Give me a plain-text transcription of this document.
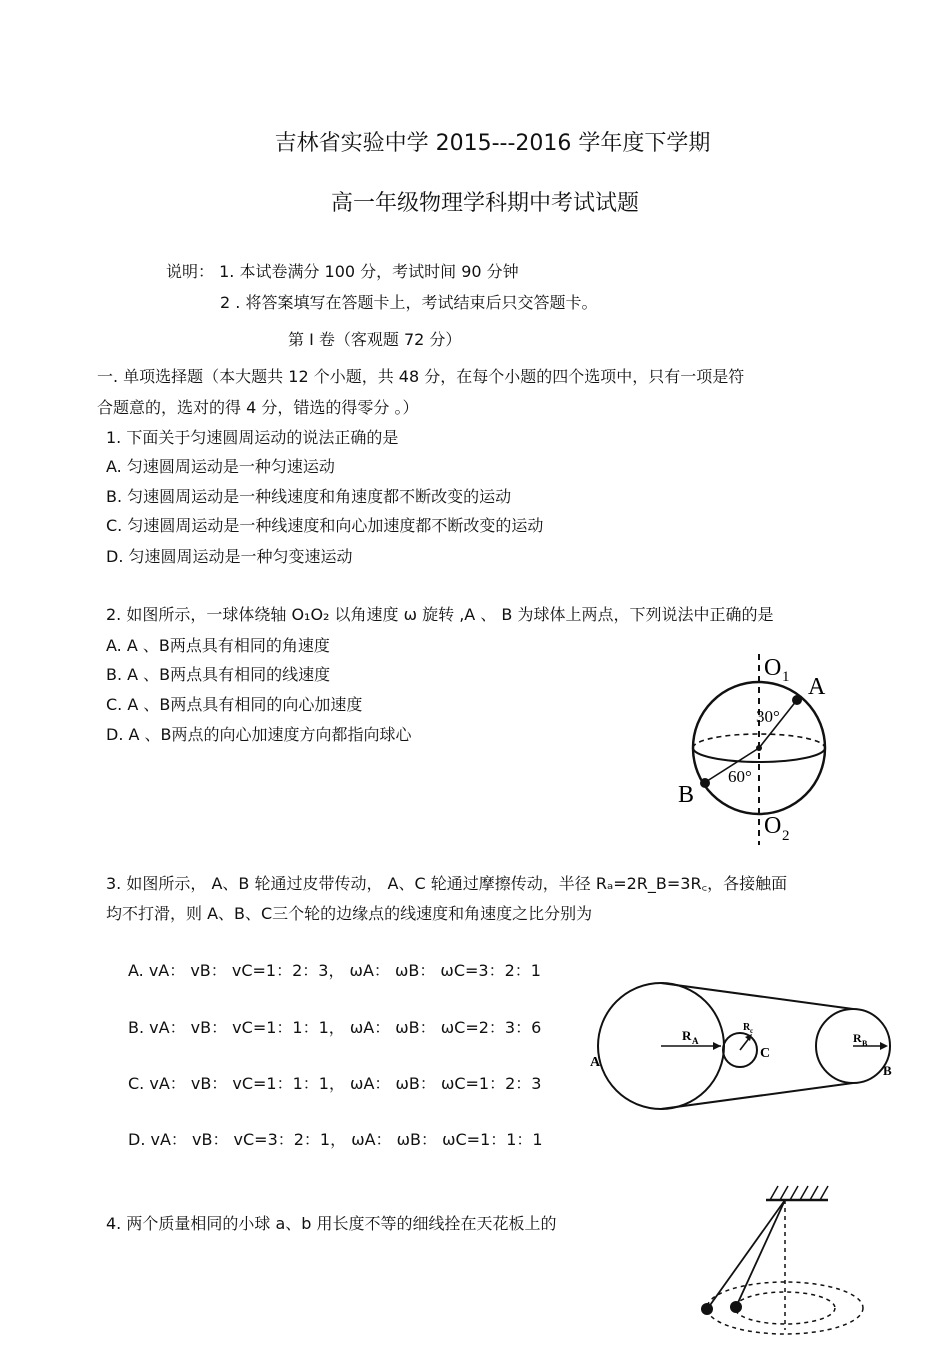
吉林省实验中学 2015---2016 学年度下学期
高一年级物理学科期中考试试题
说明： 1. 本试卷满分 100 分，考试时间 90 分钟
2 . 将答案填写在答题卡上，考试结束后只交答题卡。
第 I 卷（客观题 72 分）
一. 单项选择题（本大题共 12 个小题，共 48 分，在每个小题的四个选项中，只有一项是符
合题意的，选对的得 4 分，错选的得零分 。）
1. 下面关于匀速圆周运动的说法正确的是
A. 匀速圆周运动是一种匀速运动
B. 匀速圆周运动是一种线速度和角速度都不断改变的运动
C. 匀速圆周运动是一种线速度和向心加速度都不断改变的运动
D. 匀速圆周运动是一种匀变速运动
2. 如图所示，一球体绕轴 O₁O₂ 以角速度 ω 旋转 ,A 、 B 为球体上两点，下列说法中正确的是
A. A 、B两点具有相同的角速度
B. A 、B两点具有相同的线速度
C. A 、B两点具有相同的向心加速度
D. A 、B两点的向心加速度方向都指向球心
O 1
O 2
A
B
30°
60°
3. 如图所示， A、B 轮通过皮带传动， A、C 轮通过摩擦传动，半径 Rₐ=2R_B=3R꜀，各接触面
均不打滑，则 A、B、C三个轮的边缘点的线速度和角速度之比分别为
A. vA： vB： vC=1：2：3， ωA： ωB： ωC=3：2：1
B. vA： vB： vC=1：1：1， ωA： ωB： ωC=2：3：6
C. vA： vB： vC=1：1：1， ωA： ωB： ωC=1：2：3
D. vA： vB： vC=3：2：1， ωA： ωB： ωC=1：1：1
A
R A
R c
C
R B
B
4. 两个质量相同的小球 a、b 用长度不等的细线拴在天花板上的
